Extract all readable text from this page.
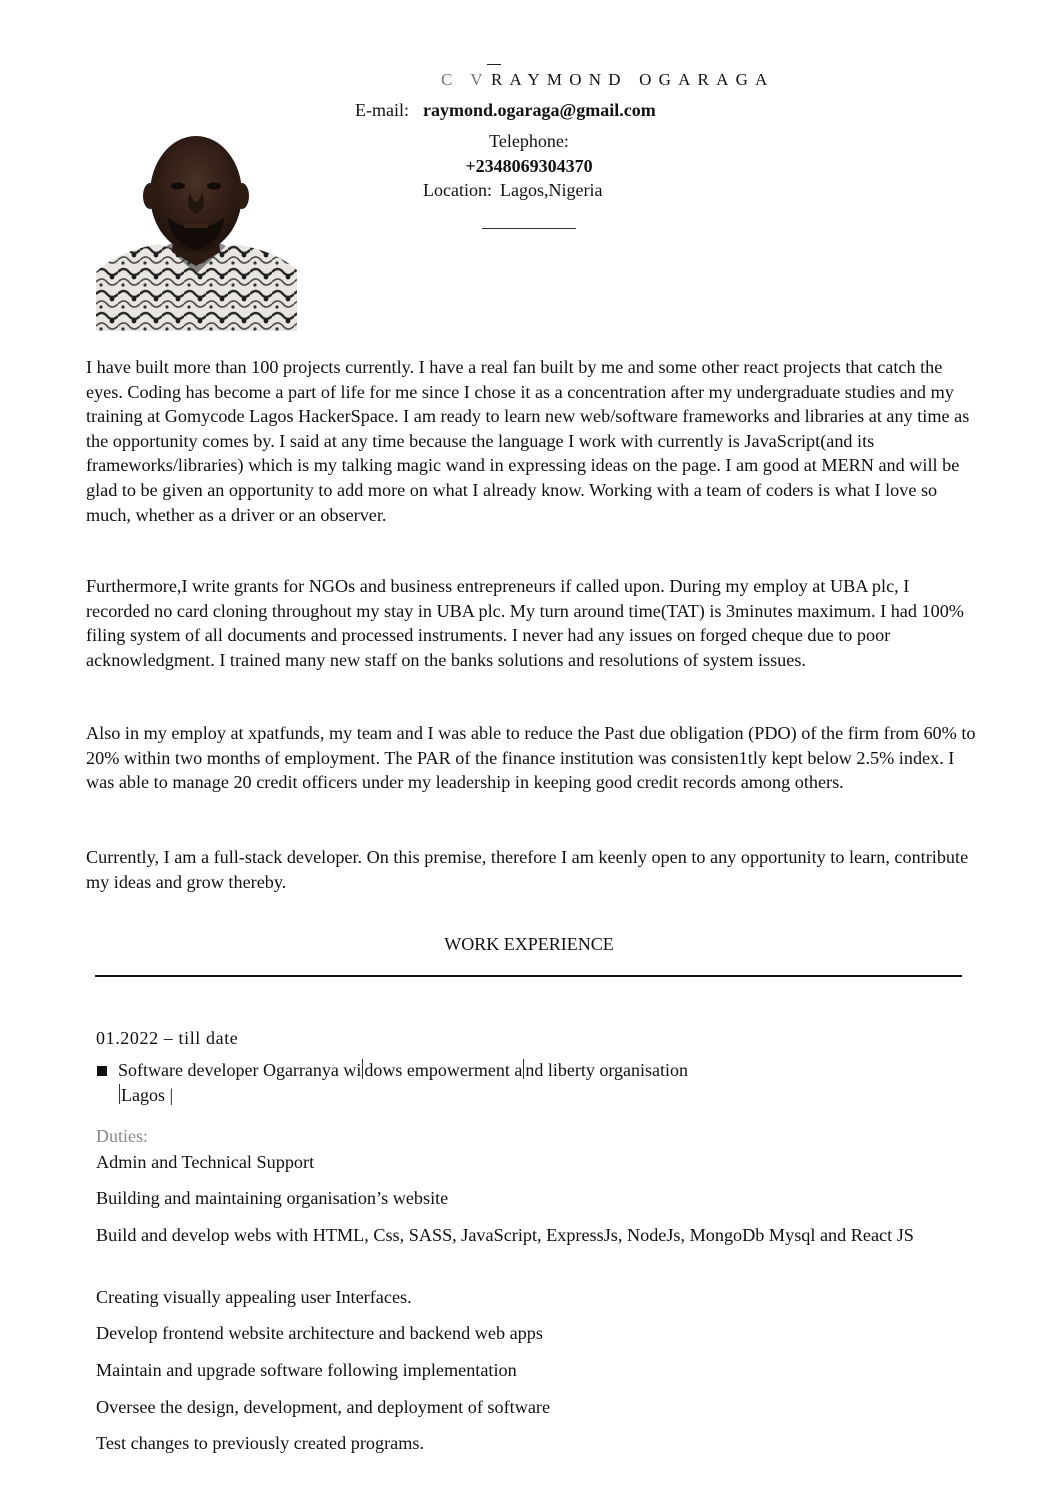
C V RAYMOND OGARAGA
E-mail: raymond.ogaraga@gmail.com
Telephone:
+2348069304370
Location: Lagos,Nigeria
I have built more than 100 projects currently. I have a real fan built by me and some other react projects that catch the eyes. Coding has become a part of life for me since I chose it as a concentration after my undergraduate studies and my training at Gomycode Lagos HackerSpace. I am ready to learn new web/software frameworks and libraries at any time as the opportunity comes by. I said at any time because the language I work with currently is JavaScript(and its frameworks/libraries) which is my talking magic wand in expressing ideas on the page. I am good at MERN and will be glad to be given an opportunity to add more on what I already know. Working with a team of coders is what I love so much, whether as a driver or an observer.
Furthermore,I write grants for NGOs and business entrepreneurs if called upon. During my employ at UBA plc, I recorded no card cloning throughout my stay in UBA plc. My turn around time(TAT) is 3minutes maximum. I had 100% filing system of all documents and processed instruments. I never had any issues on forged cheque due to poor acknowledgment. I trained many new staff on the banks solutions and resolutions of system issues.
Also in my employ at xpatfunds, my team and I was able to reduce the Past due obligation (PDO) of the firm from 60% to 20% within two months of employment. The PAR of the finance institution was consisten1tly kept below 2.5% index. I was able to manage 20 credit officers under my leadership in keeping good credit records among others.
Currently, I am a full-stack developer. On this premise, therefore I am keenly open to any opportunity to learn, contribute my ideas and grow thereby.
WORK EXPERIENCE
01.2022 – till date
Software developer Ogarranya wi dows empowerment a nd liberty organisation
Lagos |
Duties:
Admin and Technical Support
Building and maintaining organisation’s website
Build and develop webs with HTML, Css, SASS, JavaScript, ExpressJs, NodeJs, MongoDb Mysql and React JS
Creating visually appealing user Interfaces.
Develop frontend website architecture and backend web apps
Maintain and upgrade software following implementation
Oversee the design, development, and deployment of software
Test changes to previously created programs.
